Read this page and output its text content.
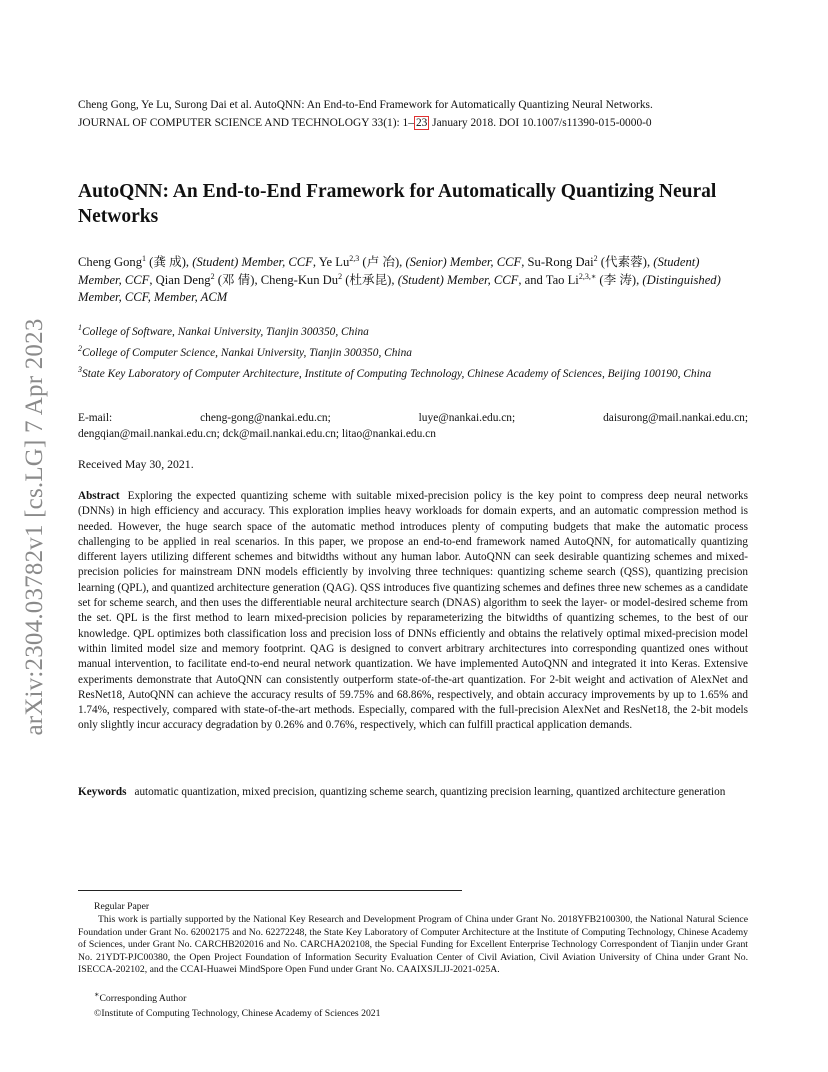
arXiv:2304.03782v1 [cs.LG] 7 Apr 2023
Cheng Gong, Ye Lu, Surong Dai et al. AutoQNN: An End-to-End Framework for Automatically Quantizing Neural Networks.
JOURNAL OF COMPUTER SCIENCE AND TECHNOLOGY 33(1): 1– 23 January 2018. DOI 10.1007/s11390-015-0000-0
AutoQNN: An End-to-End Framework for Automatically Quantizing Neural Networks
Cheng Gong$^1$ (龚 成), (Student) Member, CCF, Ye Lu$^{2,3}$ (卢 冶), (Senior) Member, CCF, Su-Rong Dai$^2$ (代素蓉), (Student) Member, CCF, Qian Deng$^2$ (邓 倩), Cheng-Kun Du$^2$ (杜承昆), (Student) Member, CCF, and Tao $Li^{2,3,∗}$ (李 涛), (Distinguished) Member, CCF, Member, ACM
$^1$College of Software, Nankai University, Tianjin 300350, China
$^2$College of Computer Science, Nankai University, Tianjin 300350, China
$^3$State Key Laboratory of Computer Architecture, Institute of Computing Technology, Chinese Academy of Sciences, Beijing 100190, China
E-mail:	cheng-gong@nankai.edu.cn;	luye@nankai.edu.cn;	daisurong@mail.nankai.edu.cn;
dengqian@mail.nankai.edu.cn; dck@mail.nankai.edu.cn; litao@nankai.edu.cn
Received May 30, 2021.
Abstract Exploring the expected quantizing scheme with suitable mixed-precision policy is the key point to compress deep neural networks (DNNs) in high efficiency and accuracy. This exploration implies heavy workloads for domain experts, and an automatic compression method is needed. However, the huge search space of the automatic method introduces plenty of computing budgets that make the automatic process challenging to be applied in real scenarios. In this paper, we propose an end-to-end framework named AutoQNN, for automatically quantizing different layers utilizing different schemes and bitwidths without any human labor. AutoQNN can seek desirable quantizing schemes and mixed-precision policies for mainstream DNN models efficiently by involving three techniques: quantizing scheme search (QSS), quantizing precision learning (QPL), and quantized architecture generation (QAG). QSS introduces five quantizing schemes and defines three new schemes as a candidate set for scheme search, and then uses the differentiable neural architecture search (DNAS) algorithm to seek the layer- or model-desired scheme from the set. QPL is the first method to learn mixed-precision policies by reparameterizing the bitwidths of quantizing schemes, to the best of our knowledge. QPL optimizes both classification loss and precision loss of DNNs efficiently and obtains the relatively optimal mixed-precision model within limited model size and memory footprint. QAG is designed to convert arbitrary architectures into corresponding quantized ones without manual intervention, to facilitate end-to-end neural network quantization. We have implemented AutoQNN and integrated it into Keras. Extensive experiments demonstrate that AutoQNN can consistently outperform state-of-the-art quantization. For 2-bit weight and activation of AlexNet and ResNet18, AutoQNN can achieve the accuracy results of 59.75% and 68.86%, respectively, and obtain accuracy improvements by up to 1.65% and 1.74%, respectively, compared with state-of-the-art methods. Especially, compared with the full-precision AlexNet and ResNet18, the 2-bit models only slightly incur accuracy degradation by 0.26% and 0.76%, respectively, which can fulfill practical application demands.
Keywords automatic quantization, mixed precision, quantizing scheme search, quantizing precision learning, quantized architecture generation
Regular Paper
This work is partially supported by the National Key Research and Development Program of China under Grant No. 2018YFB2100300, the National Natural Science Foundation under Grant No. 62002175 and No. 62272248, the State Key Laboratory of Computer Architecture at the Institute of Computing Technology, Chinese Academy of Sciences, under Grant No. CARCHB202016 and No. CARCHA202108, the Special Funding for Excellent Enterprise Technology Correspondent of Tianjin under Grant No. 21YDT-PJC00380, the Open Project Foundation of Information Security Evaluation Center of Civil Aviation, Civil Aviation University of China under Grant No. ISECCA-202102, and the CCAI-Huawei MindSpore Open Fund under Grant No. CAAIXSJLJJ-2021-025A.
∗Corresponding Author
©Institute of Computing Technology, Chinese Academy of Sciences 2021
